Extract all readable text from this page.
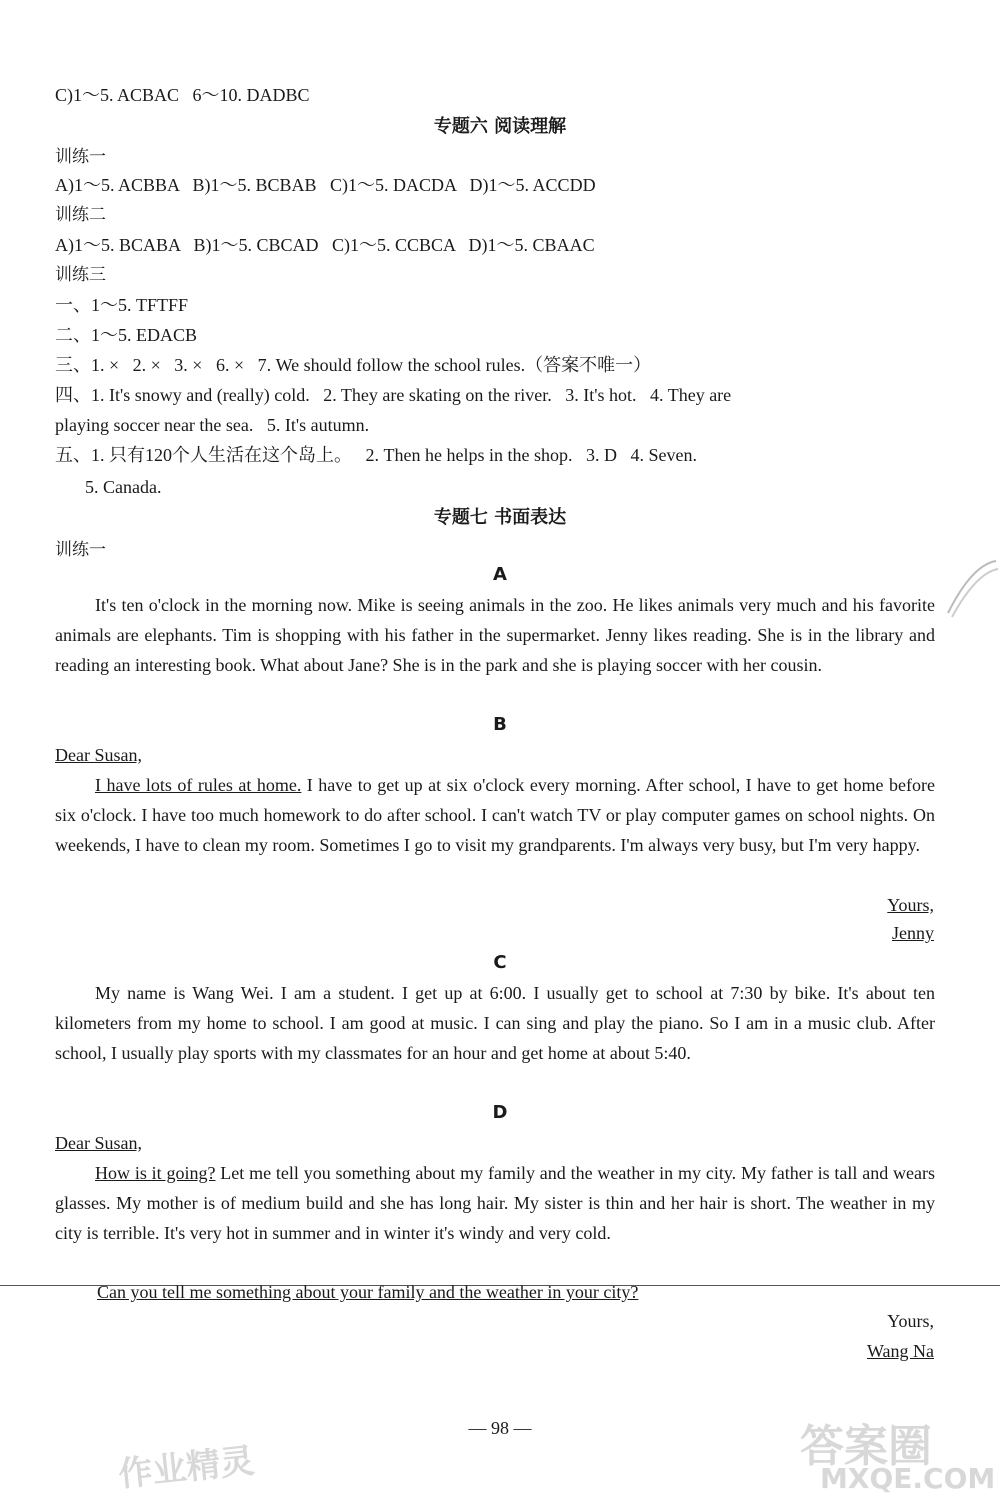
C)1～5. ACBAC   6～10. DADBC
专题六 阅读理解
训练一
A)1～5. ACBBA   B)1～5. BCBAB   C)1～5. DACDA   D)1～5. ACCDD
训练二
A)1～5. BCABA   B)1～5. CBCAD   C)1～5. CCBCA   D)1～5. CBAAC
训练三
一、1～5. TFTFF
二、1～5. EDACB
三、1. ×   2. ×   3. ×   6. ×   7. We should follow the school rules.（答案不唯一）
四、1. It's snowy and (really) cold.   2. They are skating on the river.   3. It's hot.   4. They are
playing soccer near the sea.   5. It's autumn.
五、1. 只有120个人生活在这个岛上。   2. Then he helps in the shop.   3. D   4. Seven.
5. Canada.
专题七 书面表达
训练一
A
It's ten o'clock in the morning now. Mike is seeing animals in the zoo. He likes animals very much and his favorite animals are elephants. Tim is shopping with his father in the supermarket. Jenny likes reading. She is in the library and reading an interesting book. What about Jane? She is in the park and she is playing soccer with her cousin.
B
Dear Susan,
I have lots of rules at home. I have to get up at six o'clock every morning. After school, I have to get home before six o'clock. I have too much homework to do after school. I can't watch TV or play computer games on school nights. On weekends, I have to clean my room. Sometimes I go to visit my grandparents. I'm always very busy, but I'm very happy.
Yours,
Jenny
C
My name is Wang Wei. I am a student. I get up at 6:00. I usually get to school at 7:30 by bike. It's about ten kilometers from my home to school. I am good at music. I can sing and play the piano. So I am in a music club. After school, I usually play sports with my classmates for an hour and get home at about 5:40.
D
Dear Susan,
How is it going? Let me tell you something about my family and the weather in my city. My father is tall and wears glasses. My mother is of medium build and she has long hair. My sister is thin and her hair is short. The weather in my city is terrible. It's very hot in summer and in winter it's windy and very cold.
Can you tell me something about your family and the weather in your city?
Yours,
Wang Na
— 98 —
作业精灵	答案圈
MXQE.COM
